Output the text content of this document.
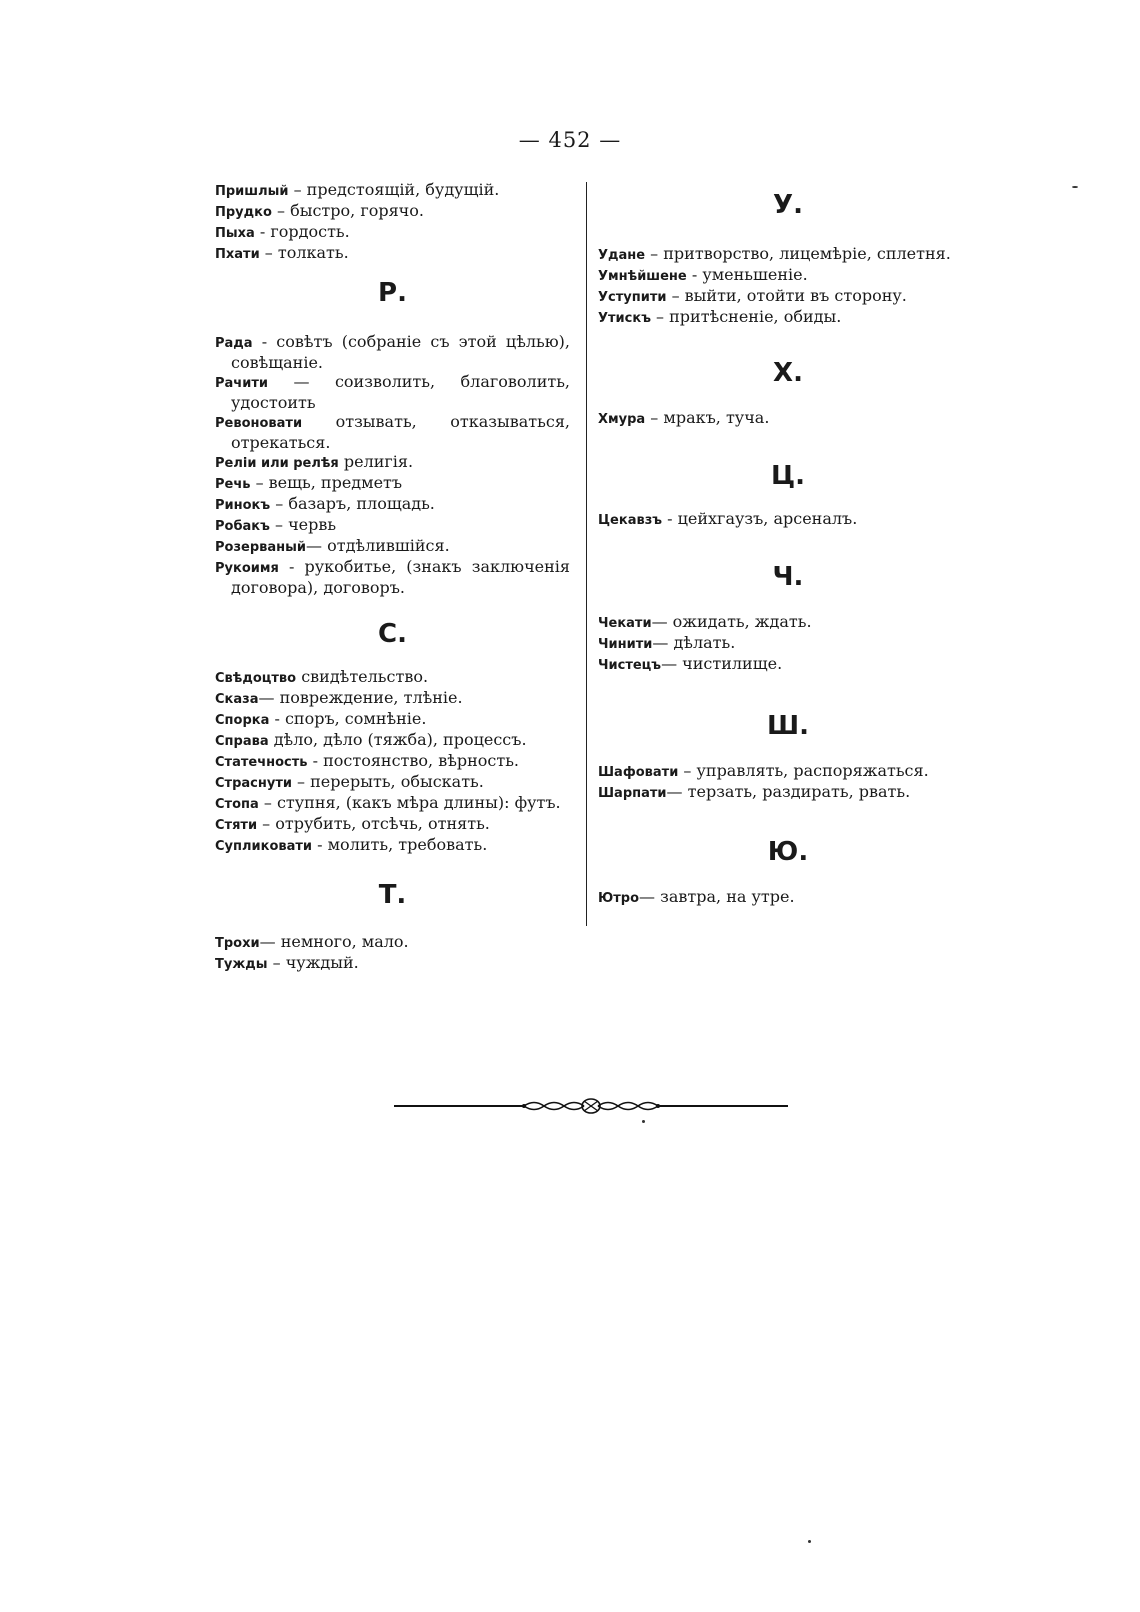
— 452 —

Пришлый – предстоящій, будущій.

Прудко – быстро, горячо.

Пыха - гордость.

Пхати – толкать.

Р.

Рада - совѣтъ (собраніе съ этой цѣлью), совѣщаніе.

Рачити — соизволить, благоволить, удостоить

Ревоновати отзывать, отказываться, отрекаться.

Реліи или релѣя религія.

Речь – вещь, предметъ

Ринокъ – базаръ, площадь.

Робакъ – червь

Розерваный— отдѣлившійся.

Рукоимя - рукобитье, (знакъ заключенія договора), договоръ.

С.

Свѣдоцтво свидѣтельство.

Сказа— повреждение, тлѣніе.

Спорка - споръ, сомнѣніе.

Справа дѣло, дѣло (тяжба), процессъ.

Статечность - постоянство, вѣрность.

Страснути – перерыть, обыскать.

Стопа – ступня, (какъ мѣра длины): футъ.

Стяти – отрубить, отсѣчь, отнять.

Супликовати - молить, требовать.

Т.

Трохи— немного, мало.

Тужды – чуждый.

У.

Удане – притворство, лицемѣріе, сплетня.

Умнѣйшене - уменьшеніе.

Уступити – выйти, отойти въ сторону.

Утискъ – притѣсненіе, обиды.

Х.

Хмура – мракъ, туча.

Ц.

Цекавзъ - цейхгаузъ, арсеналъ.

Ч.

Чекати— ожидать, ждать.

Чинити— дѣлать.

Чистецъ— чистилище.

Ш.

Шафовати – управлять, распоряжаться.

Шарпати— терзать, раздирать, рвать.

Ю.

Ютро— завтра, на утре.
